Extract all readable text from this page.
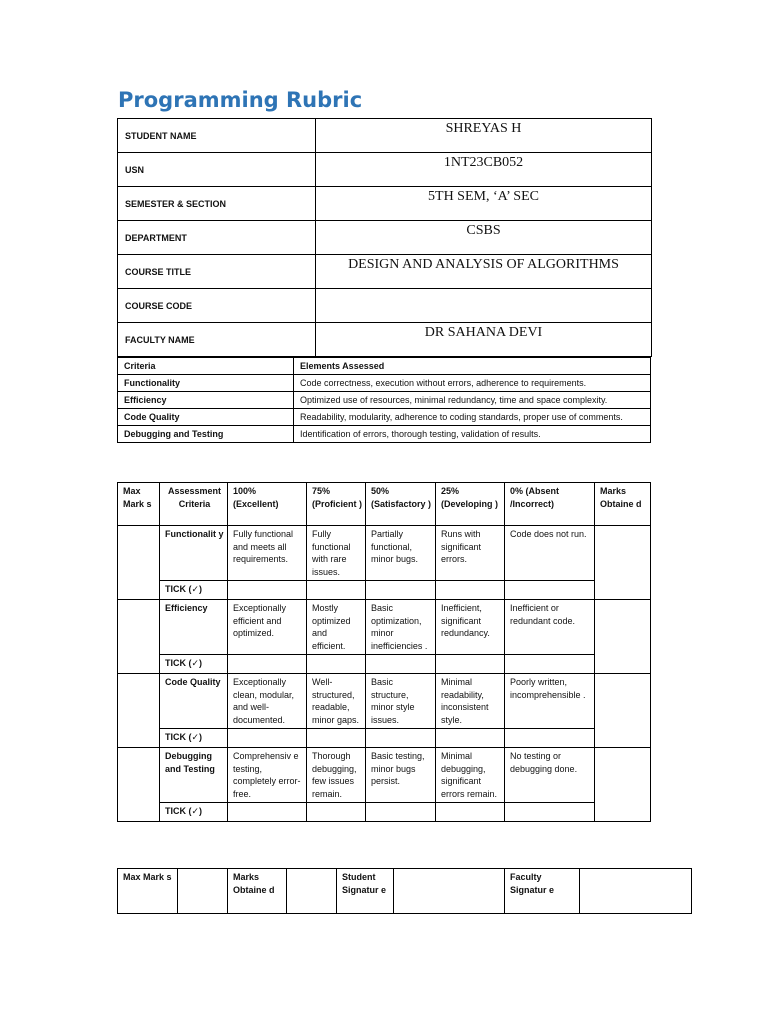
Programming Rubric
STUDENT NAME	SHREYAS H
USN	1NT23CB052
SEMESTER & SECTION	5TH SEM, ‘A’ SEC
DEPARTMENT	CSBS
COURSE TITLE	DESIGN AND ANALYSIS OF ALGORITHMS
COURSE CODE	
FACULTY NAME	DR SAHANA DEVI
Criteria	Elements Assessed
Functionality	Code correctness, execution without errors, adherence to requirements.
Efficiency	Optimized use of resources, minimal redundancy, time and space complexity.
Code Quality	Readability, modularity, adherence to coding standards, proper use of comments.
Debugging and Testing	Identification of errors, thorough testing, validation of results.
Max Mark s	Assessment Criteria	100% (Excellent)	75% (Proficient )	50% (Satisfactory )	25% (Developing )	0% (Absent /Incorrect)	Marks Obtaine d
	Functionalit y	Fully functional and meets all requirements.	Fully functional with rare issues.	Partially functional, minor bugs.	Runs with significant errors.	Code does not run.	
	TICK (✓)						
	Efficiency	Exceptionally efficient and optimized.	Mostly optimized and efficient.	Basic optimization, minor inefficiencies .	Inefficient, significant redundancy.	Inefficient or redundant code.	
	TICK (✓)						
	Code Quality	Exceptionally clean, modular, and well-documented.	Well-structured, readable, minor gaps.	Basic structure, minor style issues.	Minimal readability, inconsistent style.	Poorly written, incomprehensible .	
	TICK (✓)						
	Debugging and Testing	Comprehensiv e testing, completely error-free.	Thorough debugging, few issues remain.	Basic testing, minor bugs persist.	Minimal debugging, significant errors remain.	No testing or debugging done.	
	TICK (✓)						
Max Mark s		Marks Obtaine d		Student Signatur e		Faculty Signatur e	
